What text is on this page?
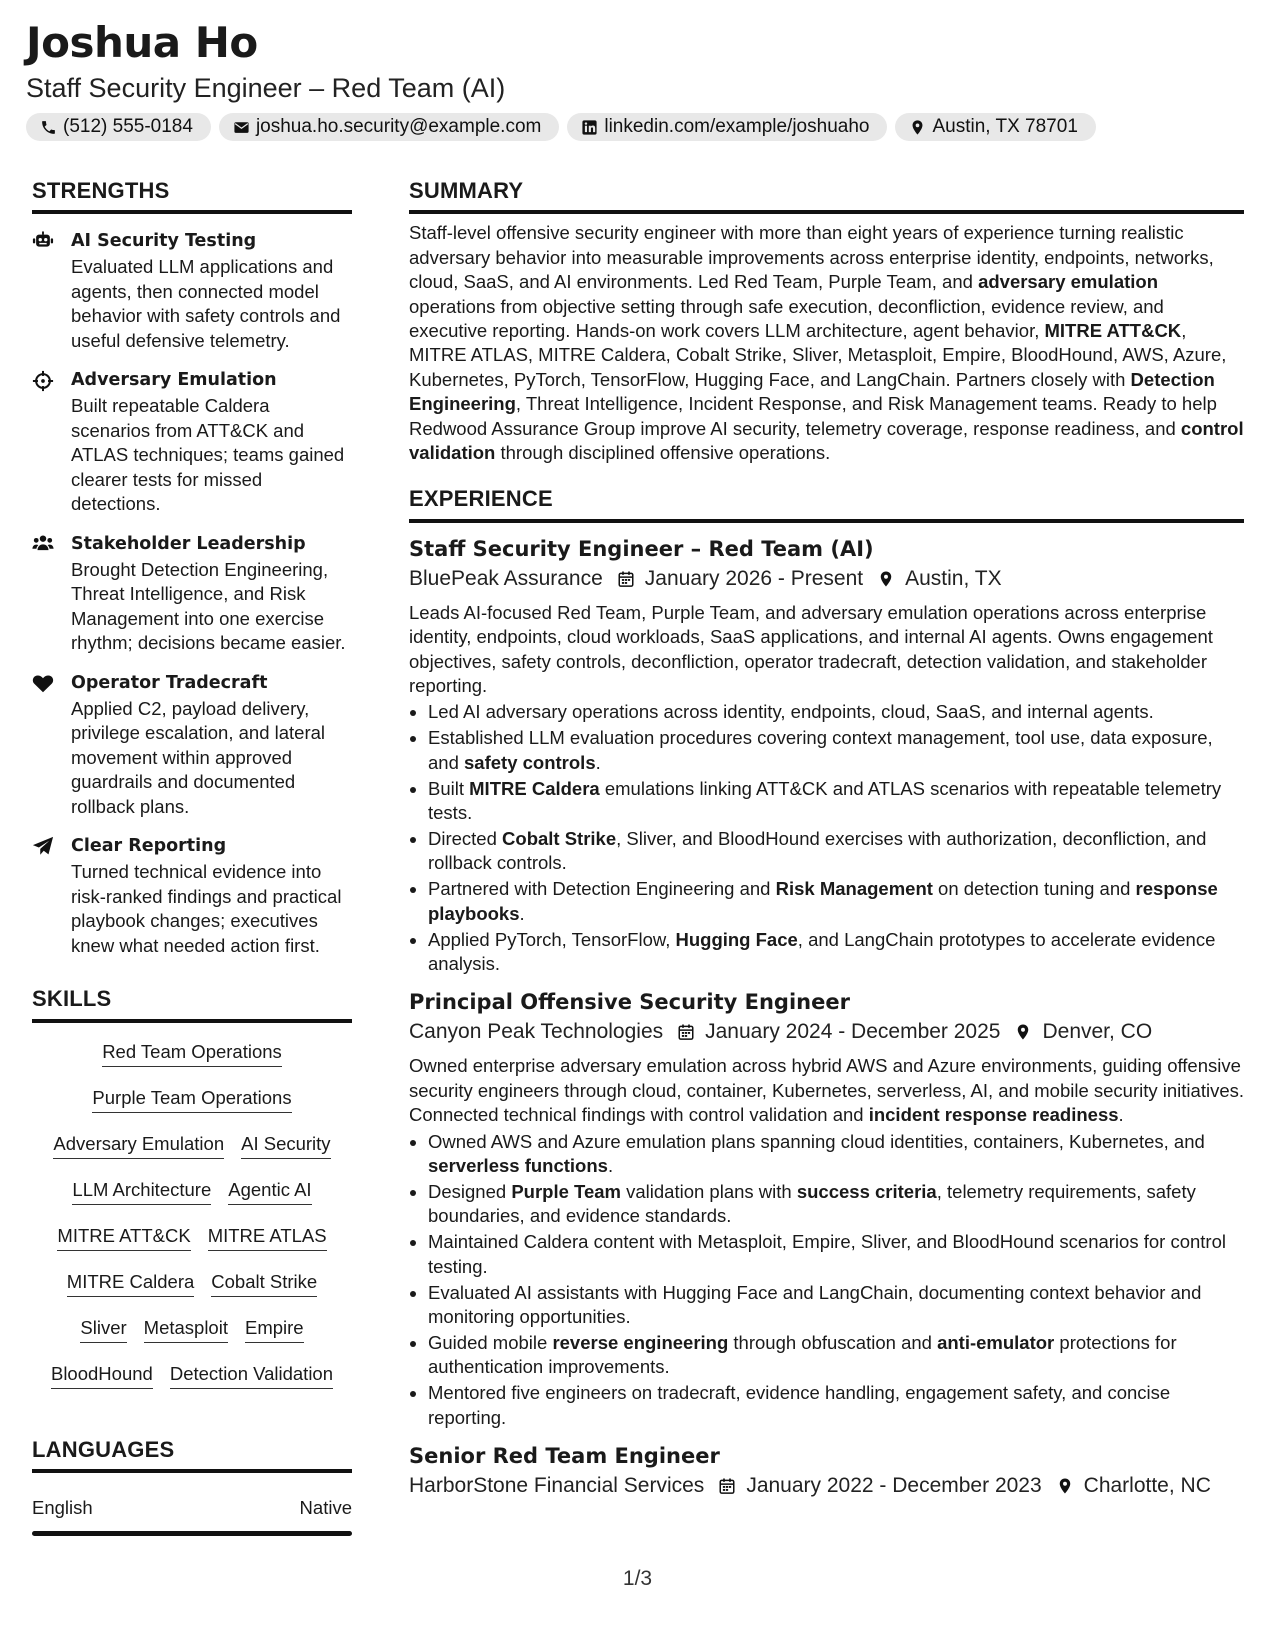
Joshua Ho
Staff Security Engineer – Red Team (AI)
(512) 555-0184	joshua.ho.security@example.com	linkedin.com/example/joshuaho	Austin, TX 78701
STRENGTHS
AI Security Testing
Evaluated LLM applications and agents, then connected model behavior with safety controls and useful defensive telemetry.
Adversary Emulation
Built repeatable Caldera scenarios from ATT&CK and ATLAS techniques; teams gained clearer tests for missed detections.
Stakeholder Leadership
Brought Detection Engineering, Threat Intelligence, and Risk Management into one exercise rhythm; decisions became easier.
Operator Tradecraft
Applied C2, payload delivery, privilege escalation, and lateral movement within approved guardrails and documented rollback plans.
Clear Reporting
Turned technical evidence into risk-ranked findings and practical playbook changes; executives knew what needed action first.
SKILLS
Red Team Operations
Purple Team Operations
Adversary Emulation AI Security
LLM Architecture Agentic AI
MITRE ATT&CK MITRE ATLAS
MITRE Caldera Cobalt Strike
Sliver Metasploit Empire
BloodHound Detection Validation
LANGUAGES
English	Native
SUMMARY
Staff-level offensive security engineer with more than eight years of experience turning realistic adversary behavior into measurable improvements across enterprise identity, endpoints, networks, cloud, SaaS, and AI environments. Led Red Team, Purple Team, and adversary emulation operations from objective setting through safe execution, deconfliction, evidence review, and executive reporting. Hands-on work covers LLM architecture, agent behavior, MITRE ATT&CK, MITRE ATLAS, MITRE Caldera, Cobalt Strike, Sliver, Metasploit, Empire, BloodHound, AWS, Azure, Kubernetes, PyTorch, TensorFlow, Hugging Face, and LangChain. Partners closely with Detection Engineering, Threat Intelligence, Incident Response, and Risk Management teams. Ready to help Redwood Assurance Group improve AI security, telemetry coverage, response readiness, and control validation through disciplined offensive operations.
EXPERIENCE
Staff Security Engineer – Red Team (AI)
BluePeak Assurance January 2026 - Present Austin, TX
Leads AI-focused Red Team, Purple Team, and adversary emulation operations across enterprise identity, endpoints, cloud workloads, SaaS applications, and internal AI agents. Owns engagement objectives, safety controls, deconfliction, operator tradecraft, detection validation, and stakeholder reporting.
• Led AI adversary operations across identity, endpoints, cloud, SaaS, and internal agents.
• Established LLM evaluation procedures covering context management, tool use, data exposure, and safety controls.
• Built MITRE Caldera emulations linking ATT&CK and ATLAS scenarios with repeatable telemetry tests.
• Directed Cobalt Strike, Sliver, and BloodHound exercises with authorization, deconfliction, and rollback controls.
• Partnered with Detection Engineering and Risk Management on detection tuning and response playbooks.
• Applied PyTorch, TensorFlow, Hugging Face, and LangChain prototypes to accelerate evidence analysis.
Principal Offensive Security Engineer
Canyon Peak Technologies January 2024 - December 2025 Denver, CO
Owned enterprise adversary emulation across hybrid AWS and Azure environments, guiding offensive security engineers through cloud, container, Kubernetes, serverless, AI, and mobile security initiatives. Connected technical findings with control validation and incident response readiness.
• Owned AWS and Azure emulation plans spanning cloud identities, containers, Kubernetes, and serverless functions.
• Designed Purple Team validation plans with success criteria, telemetry requirements, safety boundaries, and evidence standards.
• Maintained Caldera content with Metasploit, Empire, Sliver, and BloodHound scenarios for control testing.
• Evaluated AI assistants with Hugging Face and LangChain, documenting context behavior and monitoring opportunities.
• Guided mobile reverse engineering through obfuscation and anti-emulator protections for authentication improvements.
• Mentored five engineers on tradecraft, evidence handling, engagement safety, and concise reporting.
Senior Red Team Engineer
HarborStone Financial Services January 2022 - December 2023 Charlotte, NC
1/3
